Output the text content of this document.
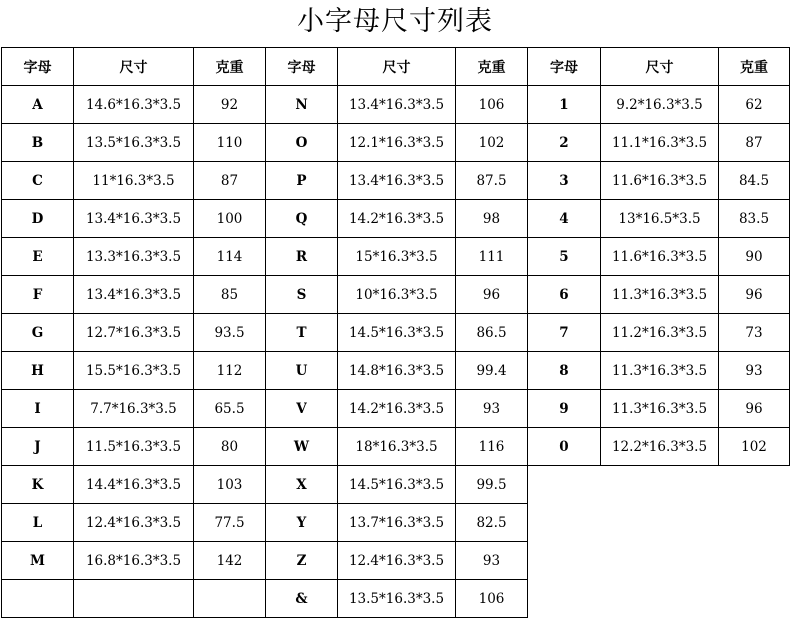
小字母尺寸列表
字母	尺寸	克重	字母	尺寸	克重	字母	尺寸	克重
A	14.6*16.3*3.5	92	N	13.4*16.3*3.5	106	1	9.2*16.3*3.5	62
B	13.5*16.3*3.5	110	O	12.1*16.3*3.5	102	2	11.1*16.3*3.5	87
C	11*16.3*3.5	87	P	13.4*16.3*3.5	87.5	3	11.6*16.3*3.5	84.5
D	13.4*16.3*3.5	100	Q	14.2*16.3*3.5	98	4	13*16.5*3.5	83.5
E	13.3*16.3*3.5	114	R	15*16.3*3.5	111	5	11.6*16.3*3.5	90
F	13.4*16.3*3.5	85	S	10*16.3*3.5	96	6	11.3*16.3*3.5	96
G	12.7*16.3*3.5	93.5	T	14.5*16.3*3.5	86.5	7	11.2*16.3*3.5	73
H	15.5*16.3*3.5	112	U	14.8*16.3*3.5	99.4	8	11.3*16.3*3.5	93
I	7.7*16.3*3.5	65.5	V	14.2*16.3*3.5	93	9	11.3*16.3*3.5	96
J	11.5*16.3*3.5	80	W	18*16.3*3.5	116	0	12.2*16.3*3.5	102
K	14.4*16.3*3.5	103	X	14.5*16.3*3.5	99.5			
L	12.4*16.3*3.5	77.5	Y	13.7*16.3*3.5	82.5			
M	16.8*16.3*3.5	142	Z	12.4*16.3*3.5	93			
			&	13.5*16.3*3.5	106			
